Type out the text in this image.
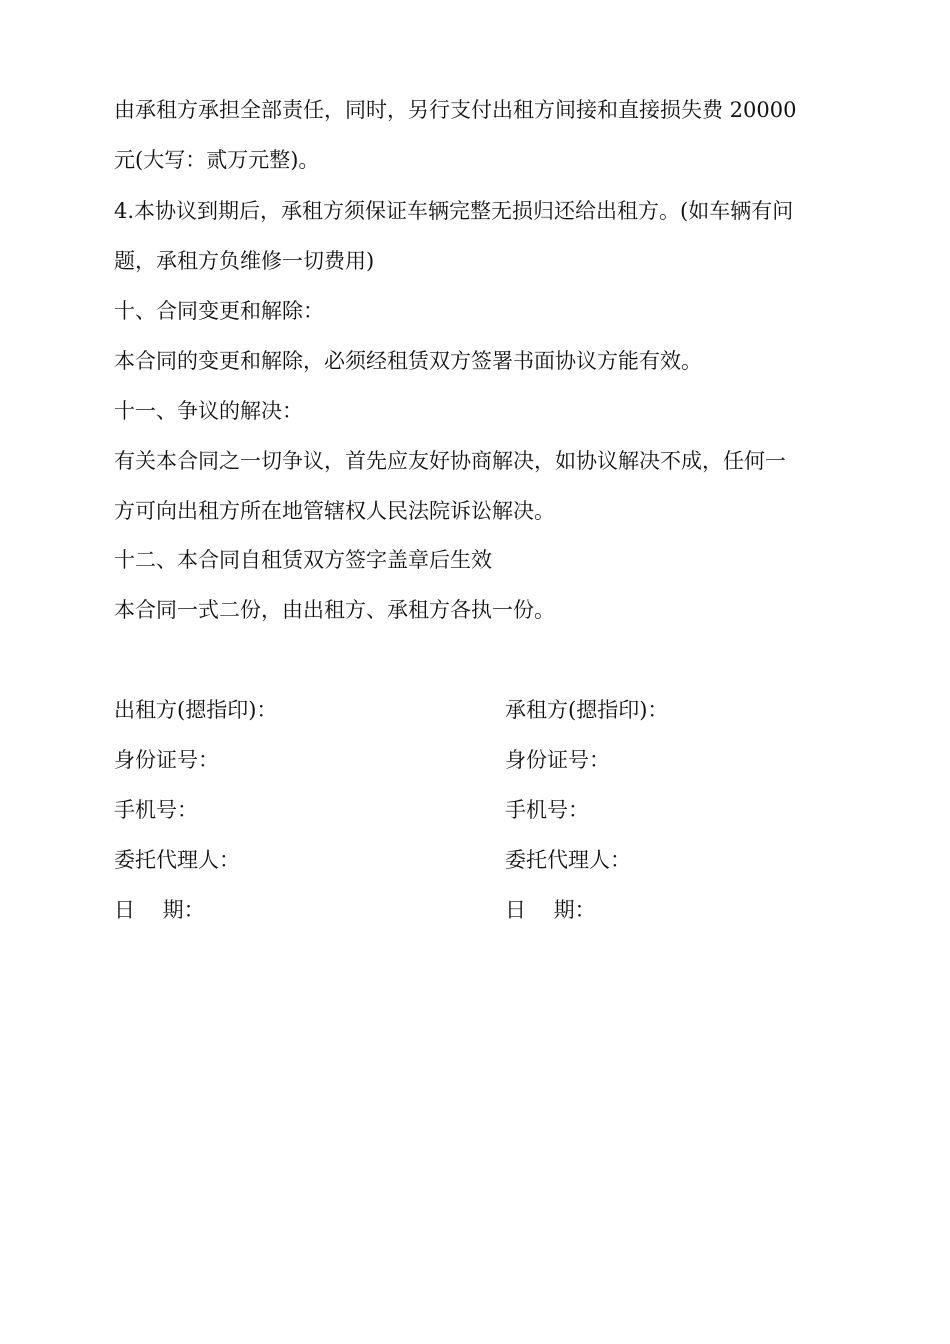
由承租方承担全部责任，同时，另行支付出租方间接和直接损失费 20000
元(大写：贰万元整)。
4.本协议到期后，承租方须保证车辆完整无损归还给出租方。(如车辆有问
题，承租方负维修一切费用)
十、合同变更和解除：
本合同的变更和解除，必须经租赁双方签署书面协议方能有效。
十一、争议的解决：
有关本合同之一切争议，首先应友好协商解决，如协议解决不成，任何一
方可向出租方所在地管辖权人民法院诉讼解决。
十二、本合同自租赁双方签字盖章后生效
本合同一式二份，由出租方、承租方各执一份。
出租方(摁指印)：	承租方(摁指印)：
身份证号：	身份证号：
手机号：	手机号：
委托代理人：	委托代理人：
日　 期：	日　 期：
